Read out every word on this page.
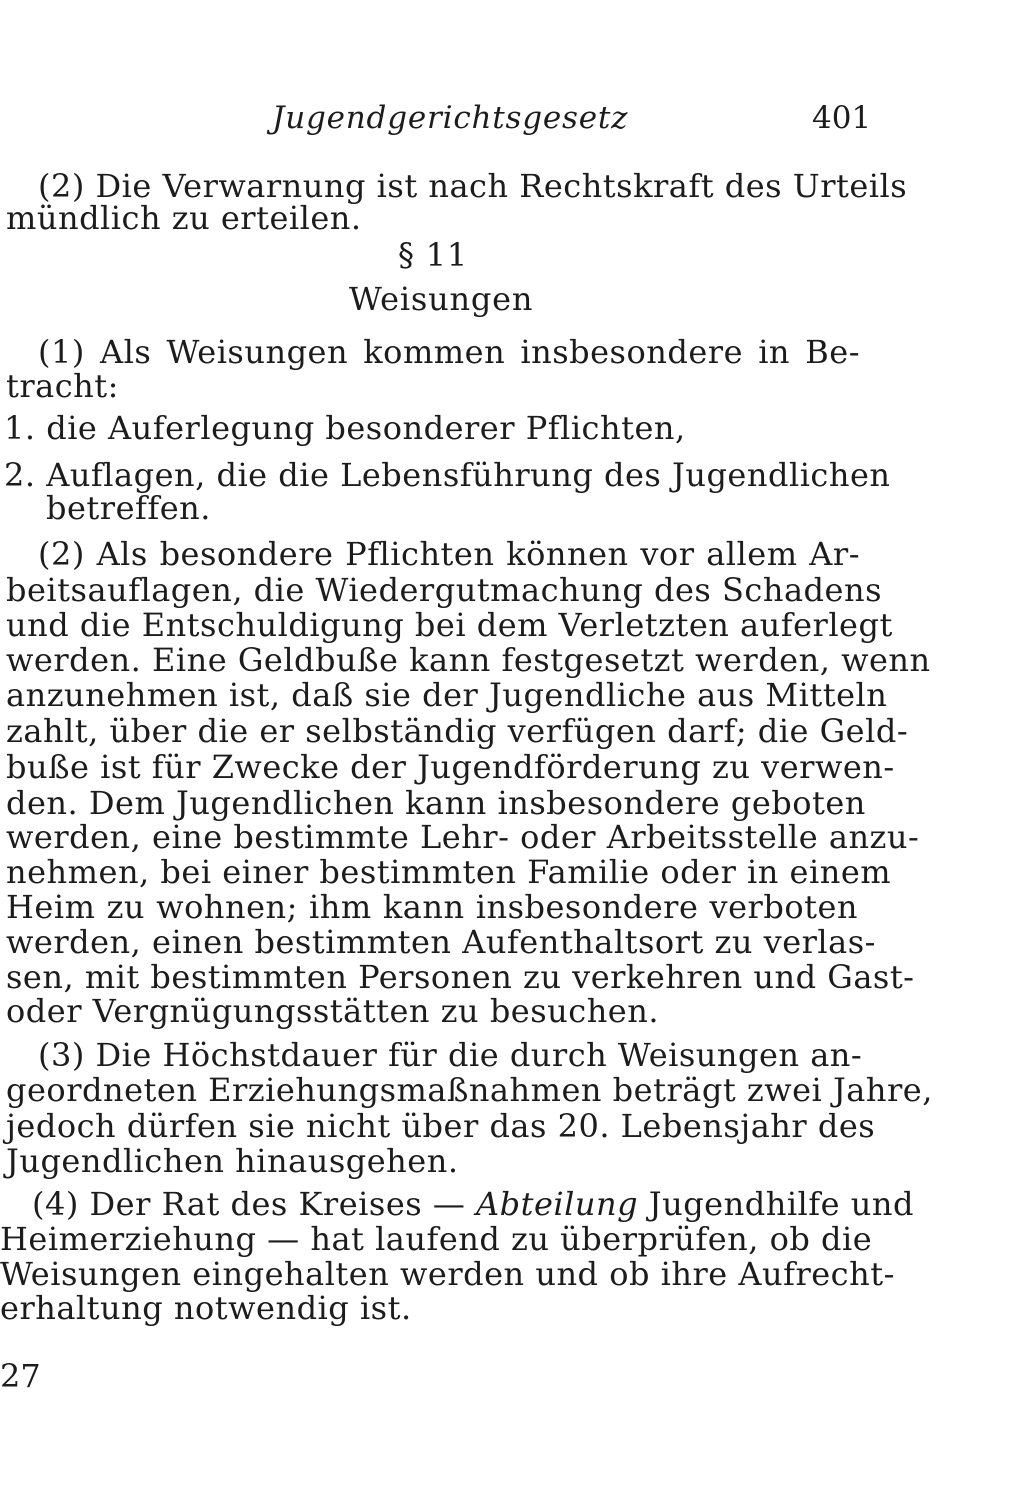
Jugendgerichtsgesetz	401
(2) Die Verwarnung ist nach Rechtskraft des Urteils
mündlich zu erteilen.
§ 11
Weisungen
(1) Als Weisungen kommen insbesondere in Be-
tracht:
1. die Auferlegung besonderer Pflichten,
2. Auflagen, die die Lebensführung des Jugendlichen
betreffen.
(2) Als besondere Pflichten können vor allem Ar-
beitsauflagen, die Wiedergutmachung des Schadens
und die Entschuldigung bei dem Verletzten auferlegt
werden. Eine Geldbuße kann festgesetzt werden, wenn
anzunehmen ist, daß sie der Jugendliche aus Mitteln
zahlt, über die er selbständig verfügen darf; die Geld-
buße ist für Zwecke der Jugendförderung zu verwen-
den. Dem Jugendlichen kann insbesondere geboten
werden, eine bestimmte Lehr- oder Arbeitsstelle anzu-
nehmen, bei einer bestimmten Familie oder in einem
Heim zu wohnen; ihm kann insbesondere verboten
werden, einen bestimmten Aufenthaltsort zu verlas-
sen, mit bestimmten Personen zu verkehren und Gast-
oder Vergnügungsstätten zu besuchen.
(3) Die Höchstdauer für die durch Weisungen an-
geordneten Erziehungsmaßnahmen beträgt zwei Jahre,
jedoch dürfen sie nicht über das 20. Lebensjahr des
Jugendlichen hinausgehen.
(4) Der Rat des Kreises — Abteilung Jugendhilfe und
Heimerziehung — hat laufend zu überprüfen, ob die
Weisungen eingehalten werden und ob ihre Aufrecht-
erhaltung notwendig ist.
27
